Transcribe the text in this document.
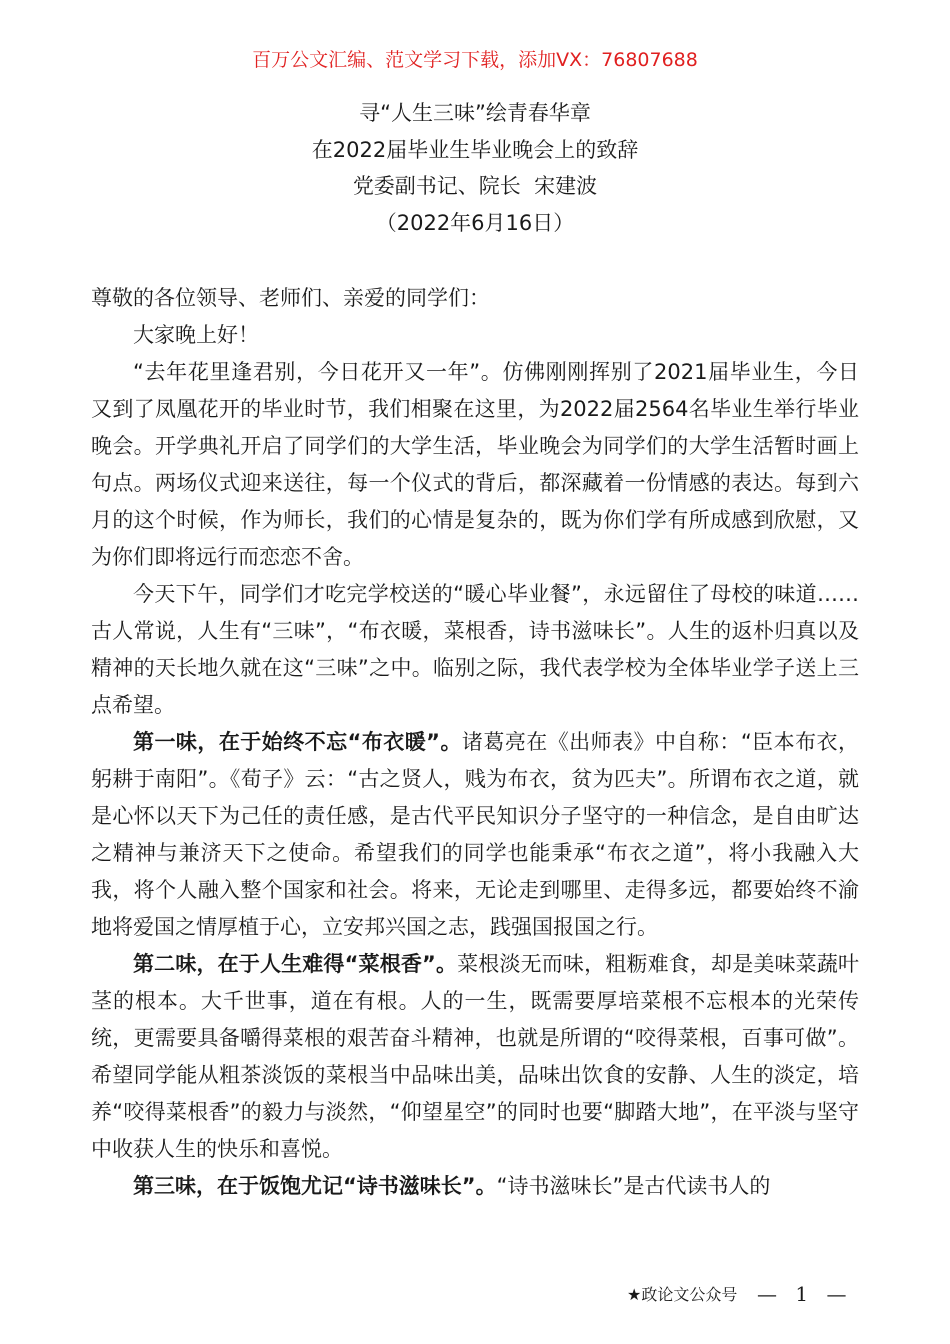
百万公文汇编、范文学习下载，添加VX：76807688

寻“人生三味”绘青春华章

在2022届毕业生毕业晚会上的致辞

党委副书记、院长  宋建波

（2022年6月16日）

尊敬的各位领导、老师们、亲爱的同学们：

大家晚上好！

“去年花里逢君别，今日花开又一年”。仿佛刚刚挥别了2021届毕业生，今日又到了凤凰花开的毕业时节，我们相聚在这里，为2022届2564名毕业生举行毕业晚会。开学典礼开启了同学们的大学生活，毕业晚会为同学们的大学生活暂时画上句点。两场仪式迎来送往，每一个仪式的背后，都深藏着一份情感的表达。每到六月的这个时候，作为师长，我们的心情是复杂的，既为你们学有所成感到欣慰，又为你们即将远行而恋恋不舍。

今天下午，同学们才吃完学校送的“暖心毕业餐”，永远留住了母校的味道……古人常说，人生有“三味”，“布衣暖，菜根香，诗书滋味长”。人生的返朴归真以及精神的天长地久就在这“三味”之中。临别之际，我代表学校为全体毕业学子送上三点希望。

第一味，在于始终不忘“布衣暖”。诸葛亮在《出师表》中自称：“臣本布衣，躬耕于南阳”。《荀子》云：“古之贤人，贱为布衣，贫为匹夫”。所谓布衣之道，就是心怀以天下为己任的责任感，是古代平民知识分子坚守的一种信念，是自由旷达之精神与兼济天下之使命。希望我们的同学也能秉承“布衣之道”，将小我融入大我，将个人融入整个国家和社会。将来，无论走到哪里、走得多远，都要始终不渝地将爱国之情厚植于心，立安邦兴国之志，践强国报国之行。

第二味，在于人生难得“菜根香”。菜根淡无而味，粗粝难食，却是美味菜蔬叶茎的根本。大千世事，道在有根。人的一生，既需要厚培菜根不忘根本的光荣传统，更需要具备嚼得菜根的艰苦奋斗精神，也就是所谓的“咬得菜根，百事可做”。希望同学能从粗茶淡饭的菜根当中品味出美，品味出饮食的安静、人生的淡定，培养“咬得菜根香”的毅力与淡然，“仰望星空”的同时也要“脚踏大地”，在平淡与坚守中收获人生的快乐和喜悦。

第三味，在于饭饱尤记“诗书滋味长”。“诗书滋味长”是古代读书人的

★政论文公众号 — 1 —
